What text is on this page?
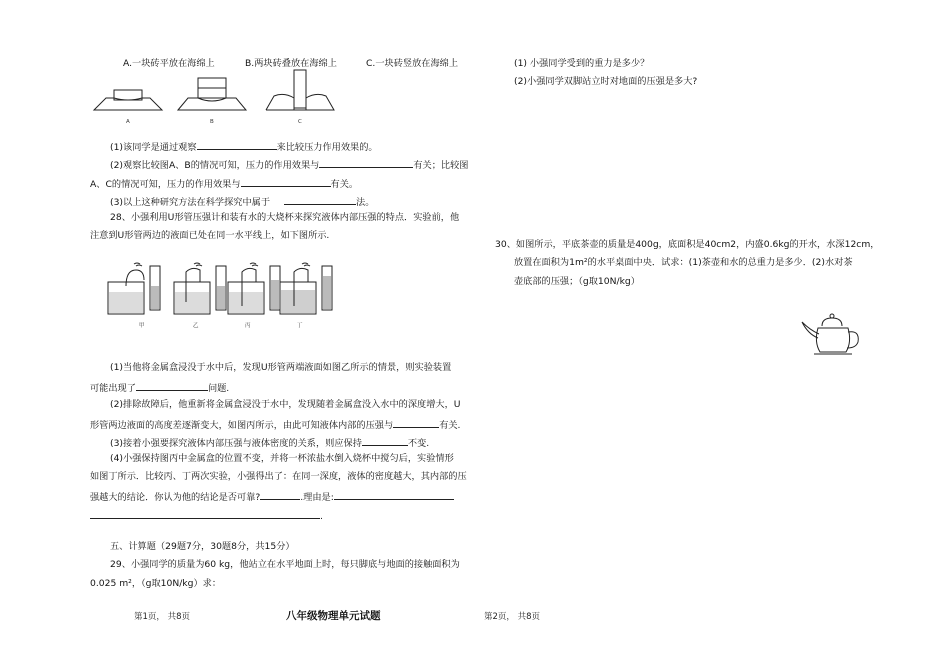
A.一块砖平放在海绵上	B.两块砖叠放在海绵上	C.一块砖竖放在海绵上
A	B	C
(1)该同学是通过观察	来比较压力作用效果的。
(2)观察比较图A、B的情况可知，压力的作用效果与	有关；比较图
A、C的情况可知，压力的作用效果与	有关。
(3)以上这种研究方法在科学探究中属于	法。
28、小强利用U形管压强计和装有水的大烧杯来探究液体内部压强的特点．实验前，他
注意到U形管两边的液面已处在同一水平线上，如下图所示.
甲	乙	丙	丁
(1)当他将金属盒浸没于水中后，发现U形管两端液面如图乙所示的情景，则实验装置
可能出现了	问题.
(2)排除故障后，他重新将金属盒浸没于水中，发现随着金属盒没入水中的深度增大，U
形管两边液面的高度差逐渐变大，如图丙所示，由此可知液体内部的压强与	有关.
(3)接着小强要探究液体内部压强与液体密度的关系，则应保持	不变.
(4)小强保持图丙中金属盒的位置不变，并将一杯浓盐水倒入烧杯中搅匀后，实验情形
如图丁所示．比较丙、丁两次实验，小强得出了：在同一深度，液体的密度越大，其内部的压
强越大的结论．你认为他的结论是否可靠?	.理由是:
.
五、计算题（29题7分，30题8分，共15分）
29、小强同学的质量为60 kg，他站立在水平地面上时，每只脚底与地面的接触面积为
0.025 m²，（g取10N/kg）求：
第1页， 共8页	八年级物理单元试题	第2页， 共8页
(1) 小强同学受到的重力是多少？
(2)小强同学双脚站立时对地面的压强是多大?
30、如图所示，平底茶壶的质量是400g，底面积是40cm2，内盛0.6kg的开水，水深12cm，
放置在面积为1m²的水平桌面中央．试求：(1)茶壶和水的总重力是多少．(2)水对茶
壶底部的压强；（g取10N/kg）
